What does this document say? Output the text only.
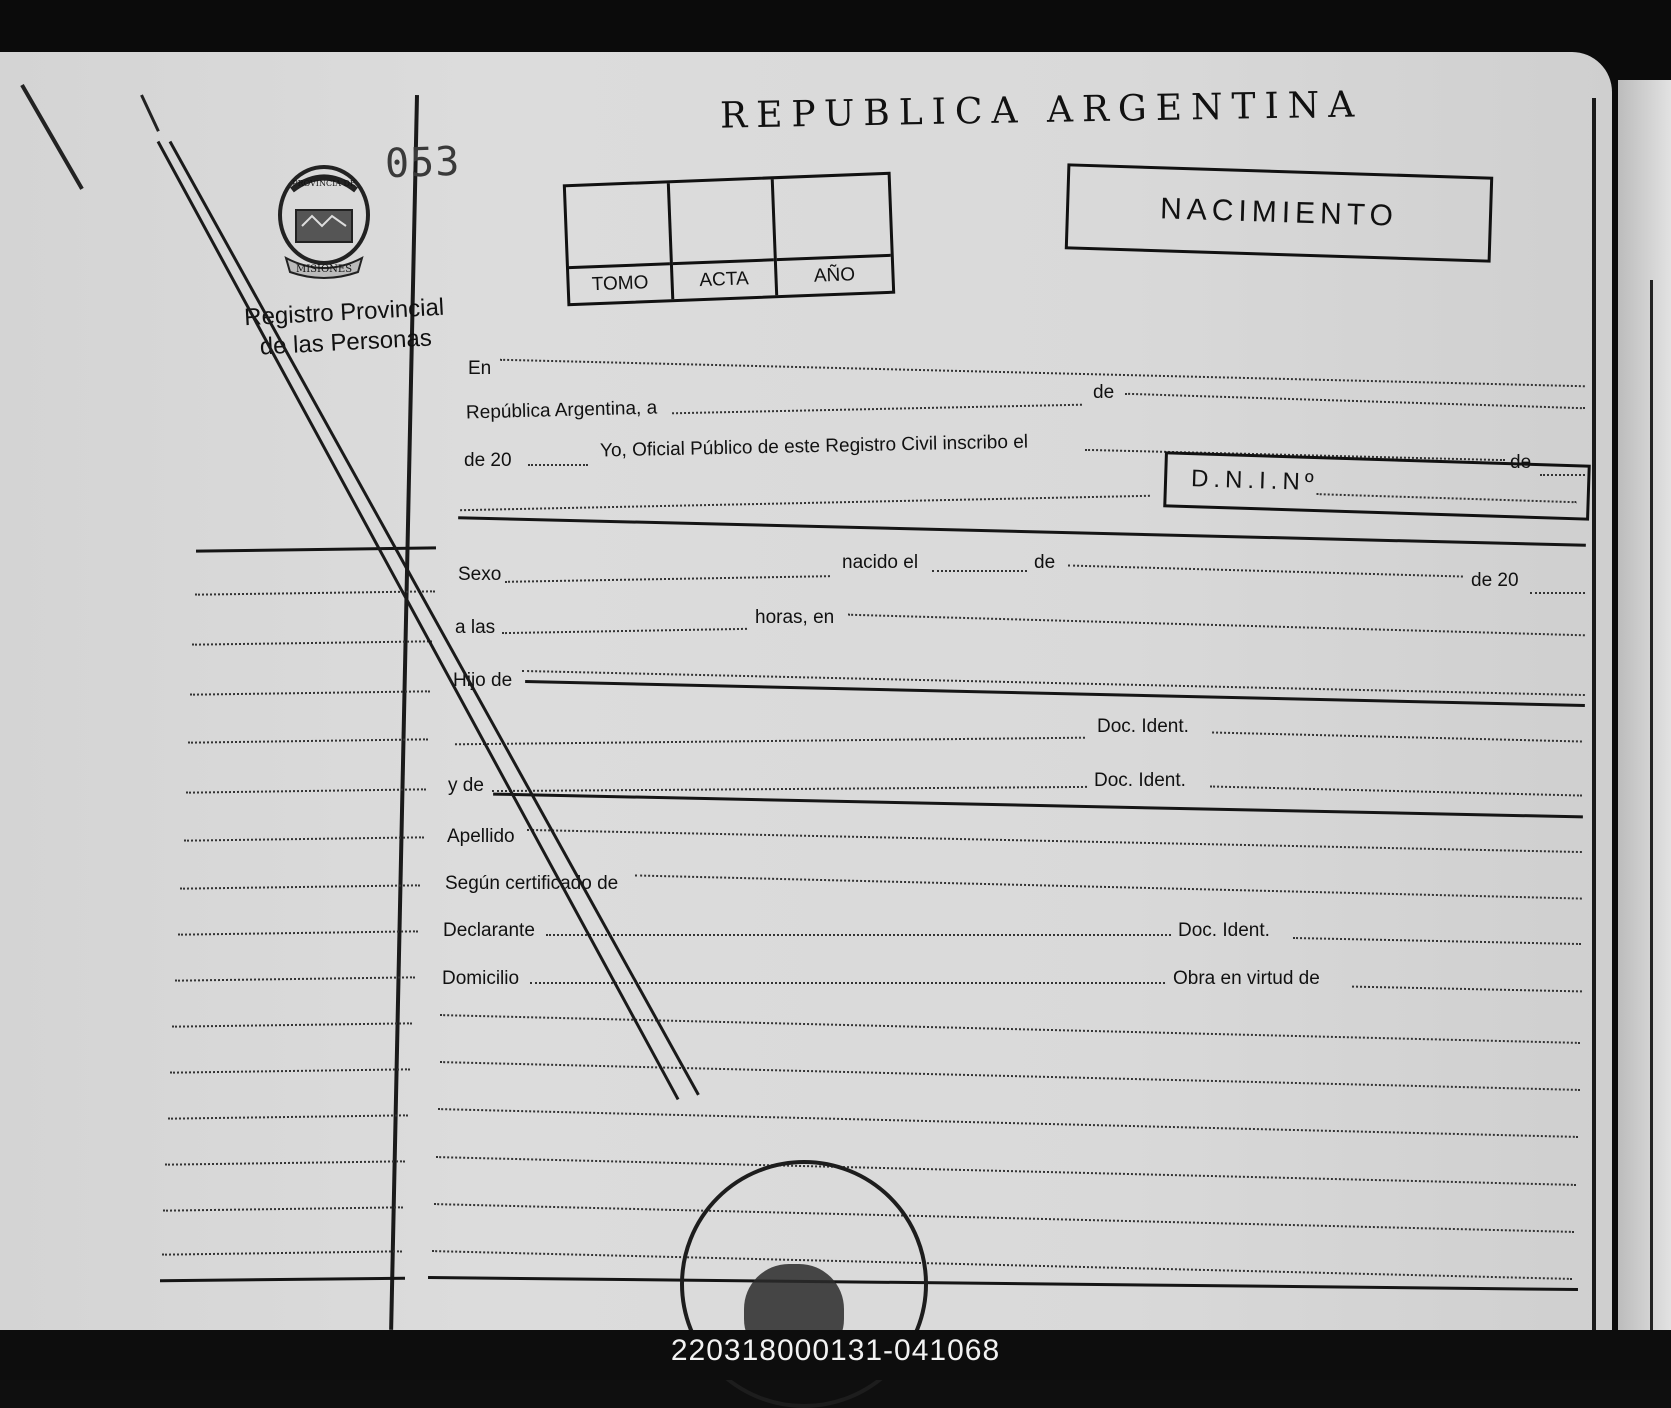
053
MISIONES
PROVINCIA DE
Registro Provincial
de las Personas
REPUBLICA ARGENTINA
TOMO	ACTA	AÑO
NACIMIENTO
En
República Argentina, a
de
de 20	Yo, Oficial Público de este Registro Civil inscribo el
de
D.N.I.Nº
Sexo
nacido el	de
de 20
a las	horas, en
Hijo de
Doc. Ident.
y de	Doc. Ident.
Apellido
Según certificado de
Declarante	Doc. Ident.
Domicilio	Obra en virtud de
220318000131-041068
